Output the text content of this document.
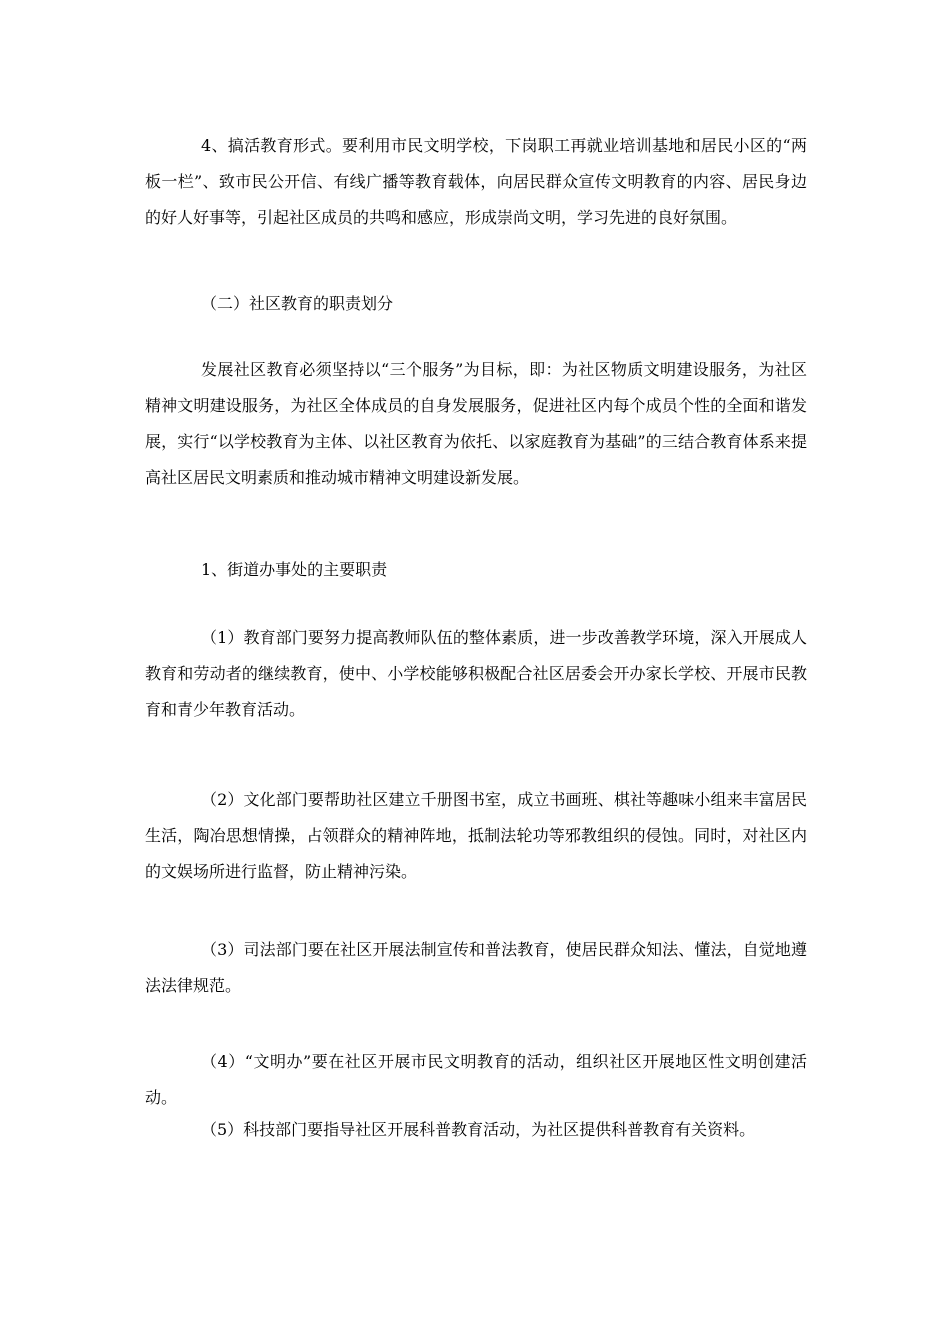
4、搞活教育形式。要利用市民文明学校，下岗职工再就业培训基地和居民小区的“两板一栏”、致市民公开信、有线广播等教育载体，向居民群众宣传文明教育的内容、居民身边的好人好事等，引起社区成员的共鸣和感应，形成崇尚文明，学习先进的良好氛围。

（二）社区教育的职责划分

发展社区教育必须坚持以“三个服务”为目标，即：为社区物质文明建设服务，为社区精神文明建设服务，为社区全体成员的自身发展服务，促进社区内每个成员个性的全面和谐发展，实行“以学校教育为主体、以社区教育为依托、以家庭教育为基础”的三结合教育体系来提高社区居民文明素质和推动城市精神文明建设新发展。

1、街道办事处的主要职责

（1）教育部门要努力提高教师队伍的整体素质，进一步改善教学环境，深入开展成人教育和劳动者的继续教育，使中、小学校能够积极配合社区居委会开办家长学校、开展市民教育和青少年教育活动。

（2）文化部门要帮助社区建立千册图书室，成立书画班、棋社等趣味小组来丰富居民生活，陶冶思想情操，占领群众的精神阵地，抵制法轮功等邪教组织的侵蚀。同时，对社区内的文娱场所进行监督，防止精神污染。

（3）司法部门要在社区开展法制宣传和普法教育，使居民群众知法、懂法，自觉地遵法法律规范。

（4）“文明办”要在社区开展市民文明教育的活动，组织社区开展地区性文明创建活动。

（5）科技部门要指导社区开展科普教育活动，为社区提供科普教育有关资料。
